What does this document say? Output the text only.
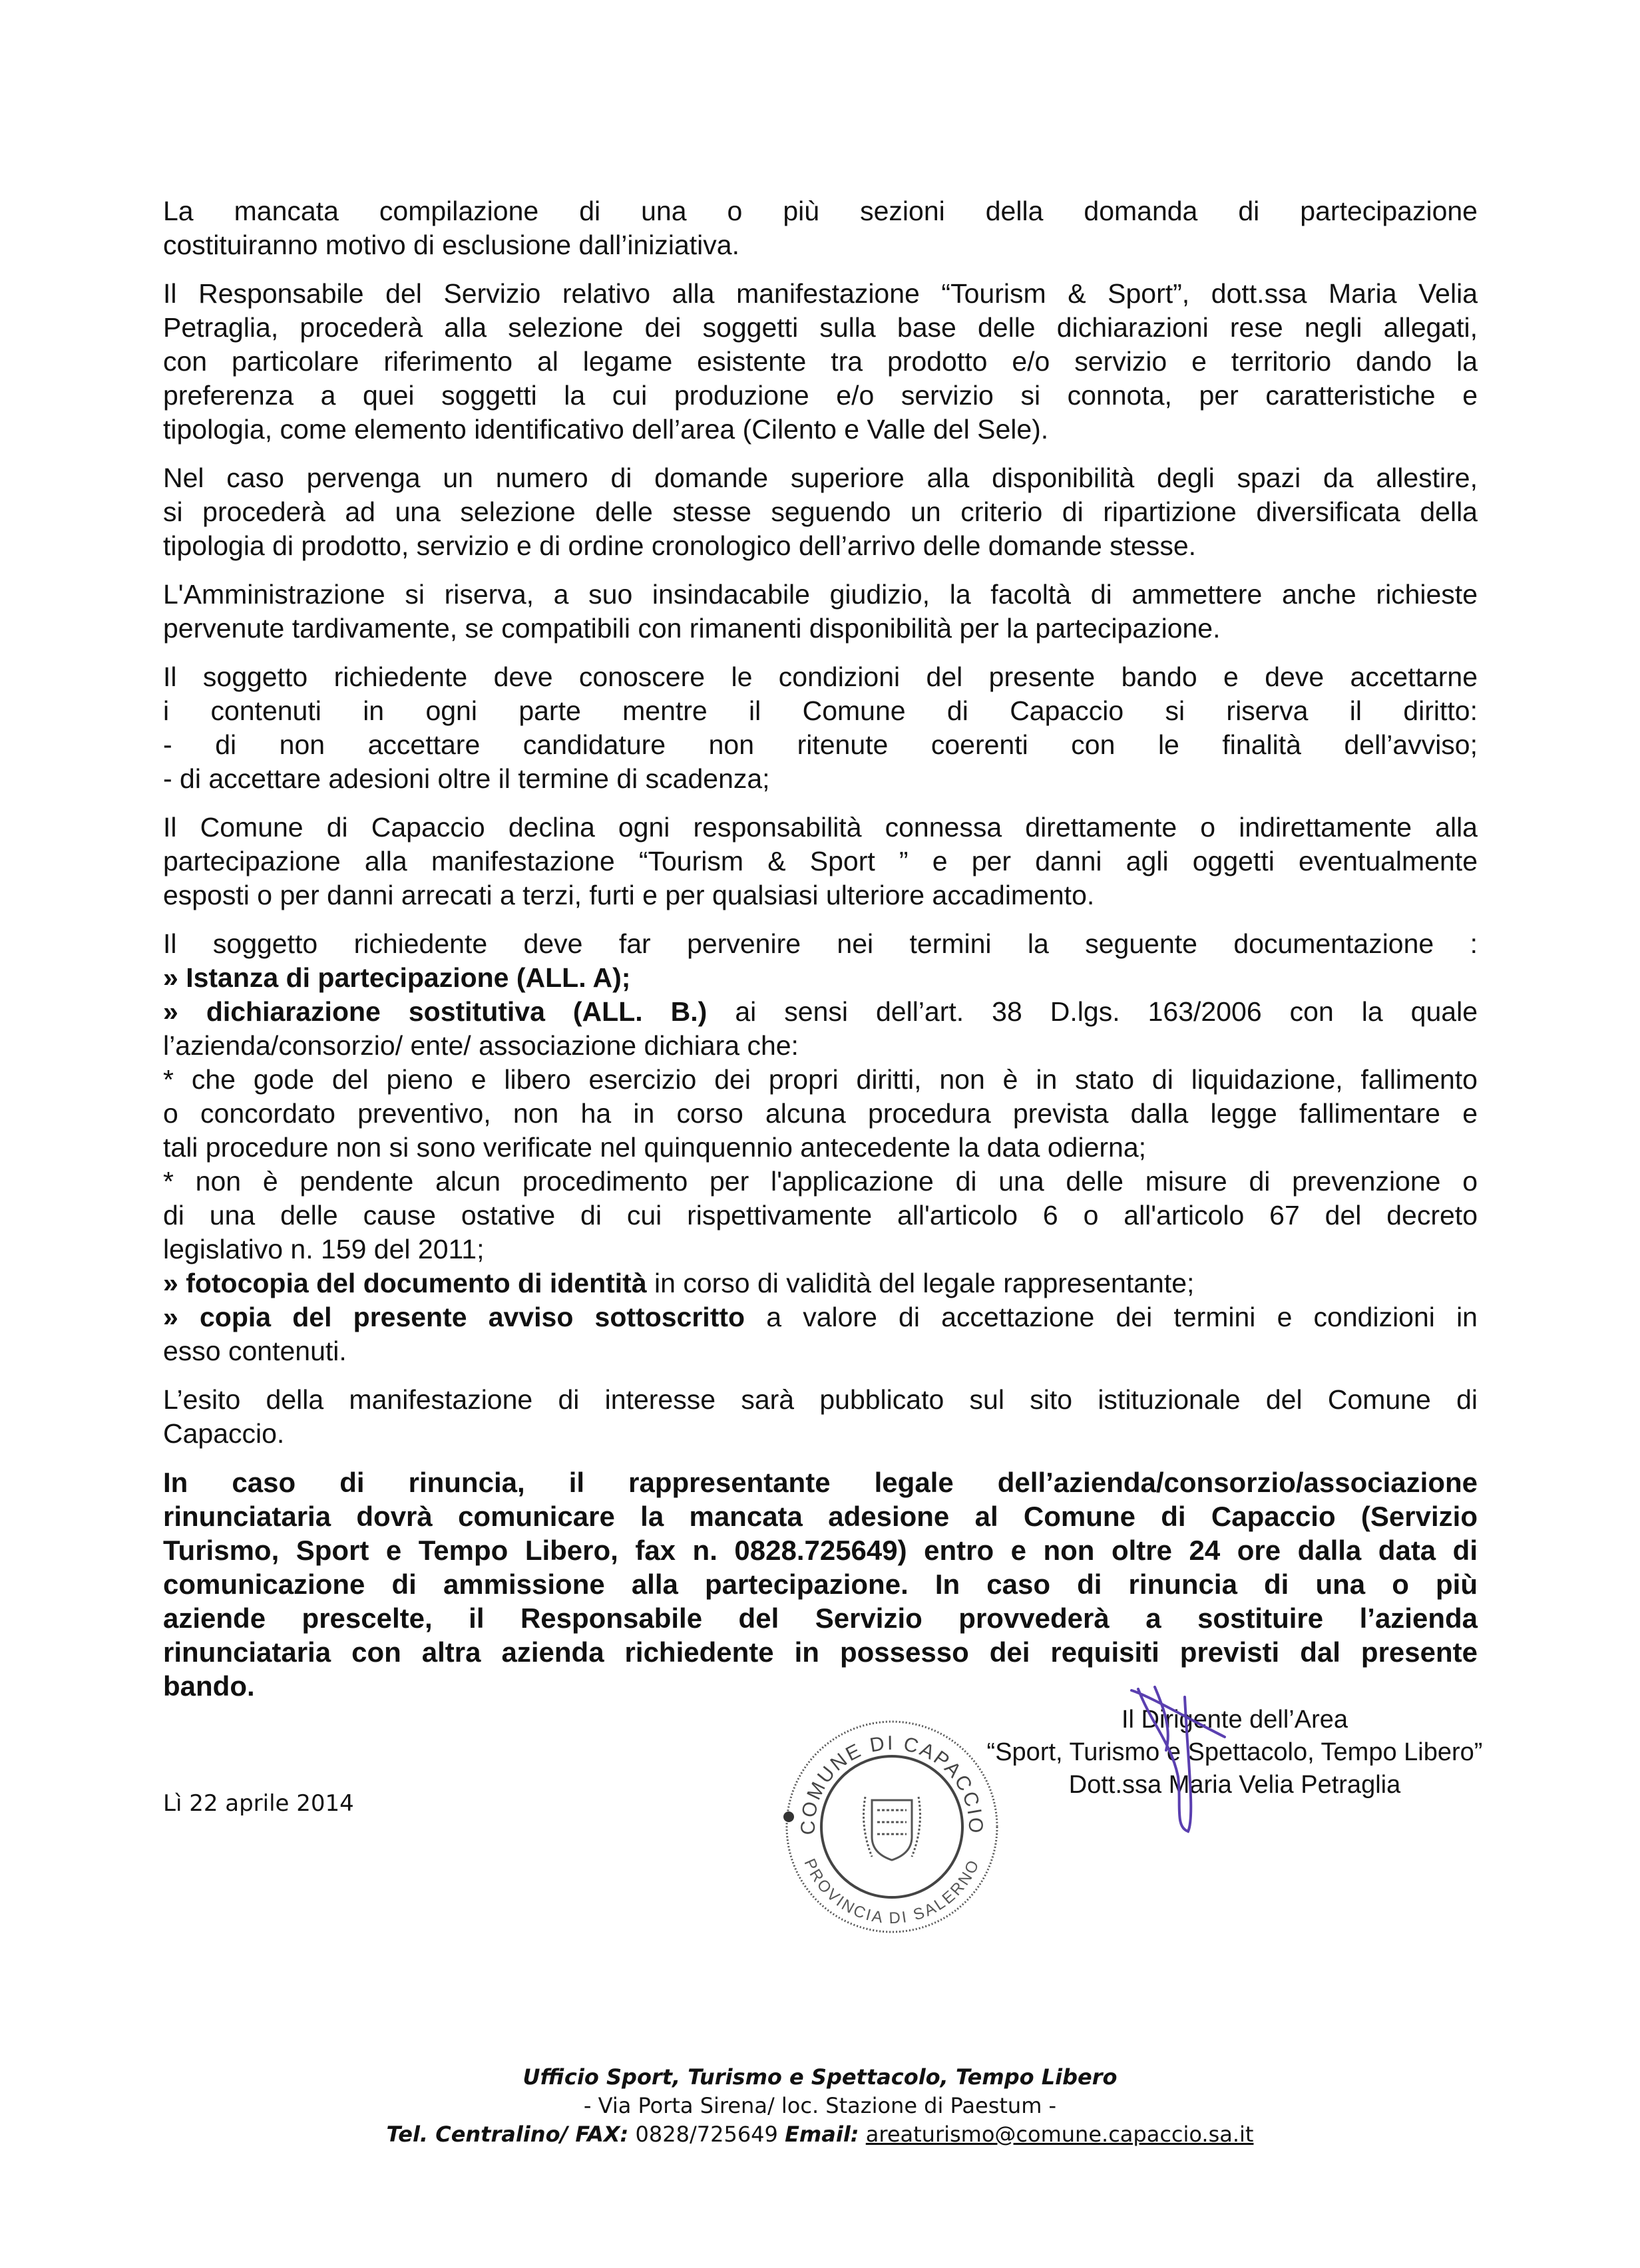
La mancata compilazione di una o più sezioni della domanda di partecipazione
costituiranno motivo di esclusione dall’iniziativa.
Il Responsabile del Servizio relativo alla manifestazione “Tourism & Sport”, dott.ssa Maria Velia
Petraglia, procederà alla selezione dei soggetti sulla base delle dichiarazioni rese negli allegati,
con particolare riferimento al legame esistente tra prodotto e/o servizio e territorio dando la
preferenza a quei soggetti la cui produzione e/o servizio si connota, per caratteristiche e
tipologia, come elemento identificativo dell’area (Cilento e Valle del Sele).
Nel caso pervenga un numero di domande superiore alla disponibilità degli spazi da allestire,
si procederà ad una selezione delle stesse seguendo un criterio di ripartizione diversificata della
tipologia di prodotto, servizio e di ordine cronologico dell’arrivo delle domande stesse.
L'Amministrazione si riserva, a suo insindacabile giudizio, la facoltà di ammettere anche richieste
pervenute tardivamente, se compatibili con rimanenti disponibilità per la partecipazione.
Il soggetto richiedente deve conoscere le condizioni del presente bando e deve accettarne
i contenuti in ogni parte mentre il Comune di Capaccio si riserva il diritto:
- di non accettare candidature non ritenute coerenti con le finalità dell’avviso;
- di accettare adesioni oltre il termine di scadenza;
Il Comune di Capaccio declina ogni responsabilità connessa direttamente o indirettamente alla
partecipazione alla manifestazione “Tourism & Sport ” e per danni agli oggetti eventualmente
esposti o per danni arrecati a terzi, furti e per qualsiasi ulteriore accadimento.
Il soggetto richiedente deve far pervenire nei termini la seguente documentazione :
» Istanza di partecipazione (ALL. A);
» dichiarazione sostitutiva (ALL. B.) ai sensi dell’art. 38 D.lgs. 163/2006 con la quale
l’azienda/consorzio/ ente/ associazione dichiara che:
* che gode del pieno e libero esercizio dei propri diritti, non è in stato di liquidazione, fallimento
o concordato preventivo, non ha in corso alcuna procedura prevista dalla legge fallimentare e
tali procedure non si sono verificate nel quinquennio antecedente la data odierna;
* non è pendente alcun procedimento per l'applicazione di una delle misure di prevenzione o
di una delle cause ostative di cui rispettivamente all'articolo 6 o all'articolo 67 del decreto
legislativo n. 159 del 2011;
» fotocopia del documento di identità in corso di validità del legale rappresentante;
» copia del presente avviso sottoscritto a valore di accettazione dei termini e condizioni in
esso contenuti.
L’esito della manifestazione di interesse sarà pubblicato sul sito istituzionale del Comune di
Capaccio.
In caso di rinuncia, il rappresentante legale dell’azienda/consorzio/associazione
rinunciataria dovrà comunicare la mancata adesione al Comune di Capaccio (Servizio
Turismo, Sport e Tempo Libero, fax n. 0828.725649) entro e non oltre 24 ore dalla data di
comunicazione di ammissione alla partecipazione. In caso di rinuncia di una o più
aziende prescelte, il Responsabile del Servizio provvederà a sostituire l’azienda
rinunciataria con altra azienda richiedente in possesso dei requisiti previsti dal presente
bando.
Il Dirigente dell’Area
“Sport, Turismo e Spettacolo, Tempo Libero”
Dott.ssa Maria Velia Petraglia
COMUNE DI CAPACCIO
PROVINCIA DI SALERNO
Lì 22 aprile 2014
Ufficio Sport, Turismo e Spettacolo, Tempo Libero
- Via Porta Sirena/ loc. Stazione di Paestum -
Tel. Centralino/ FAX: 0828/725649 Email: areaturismo@comune.capaccio.sa.it
